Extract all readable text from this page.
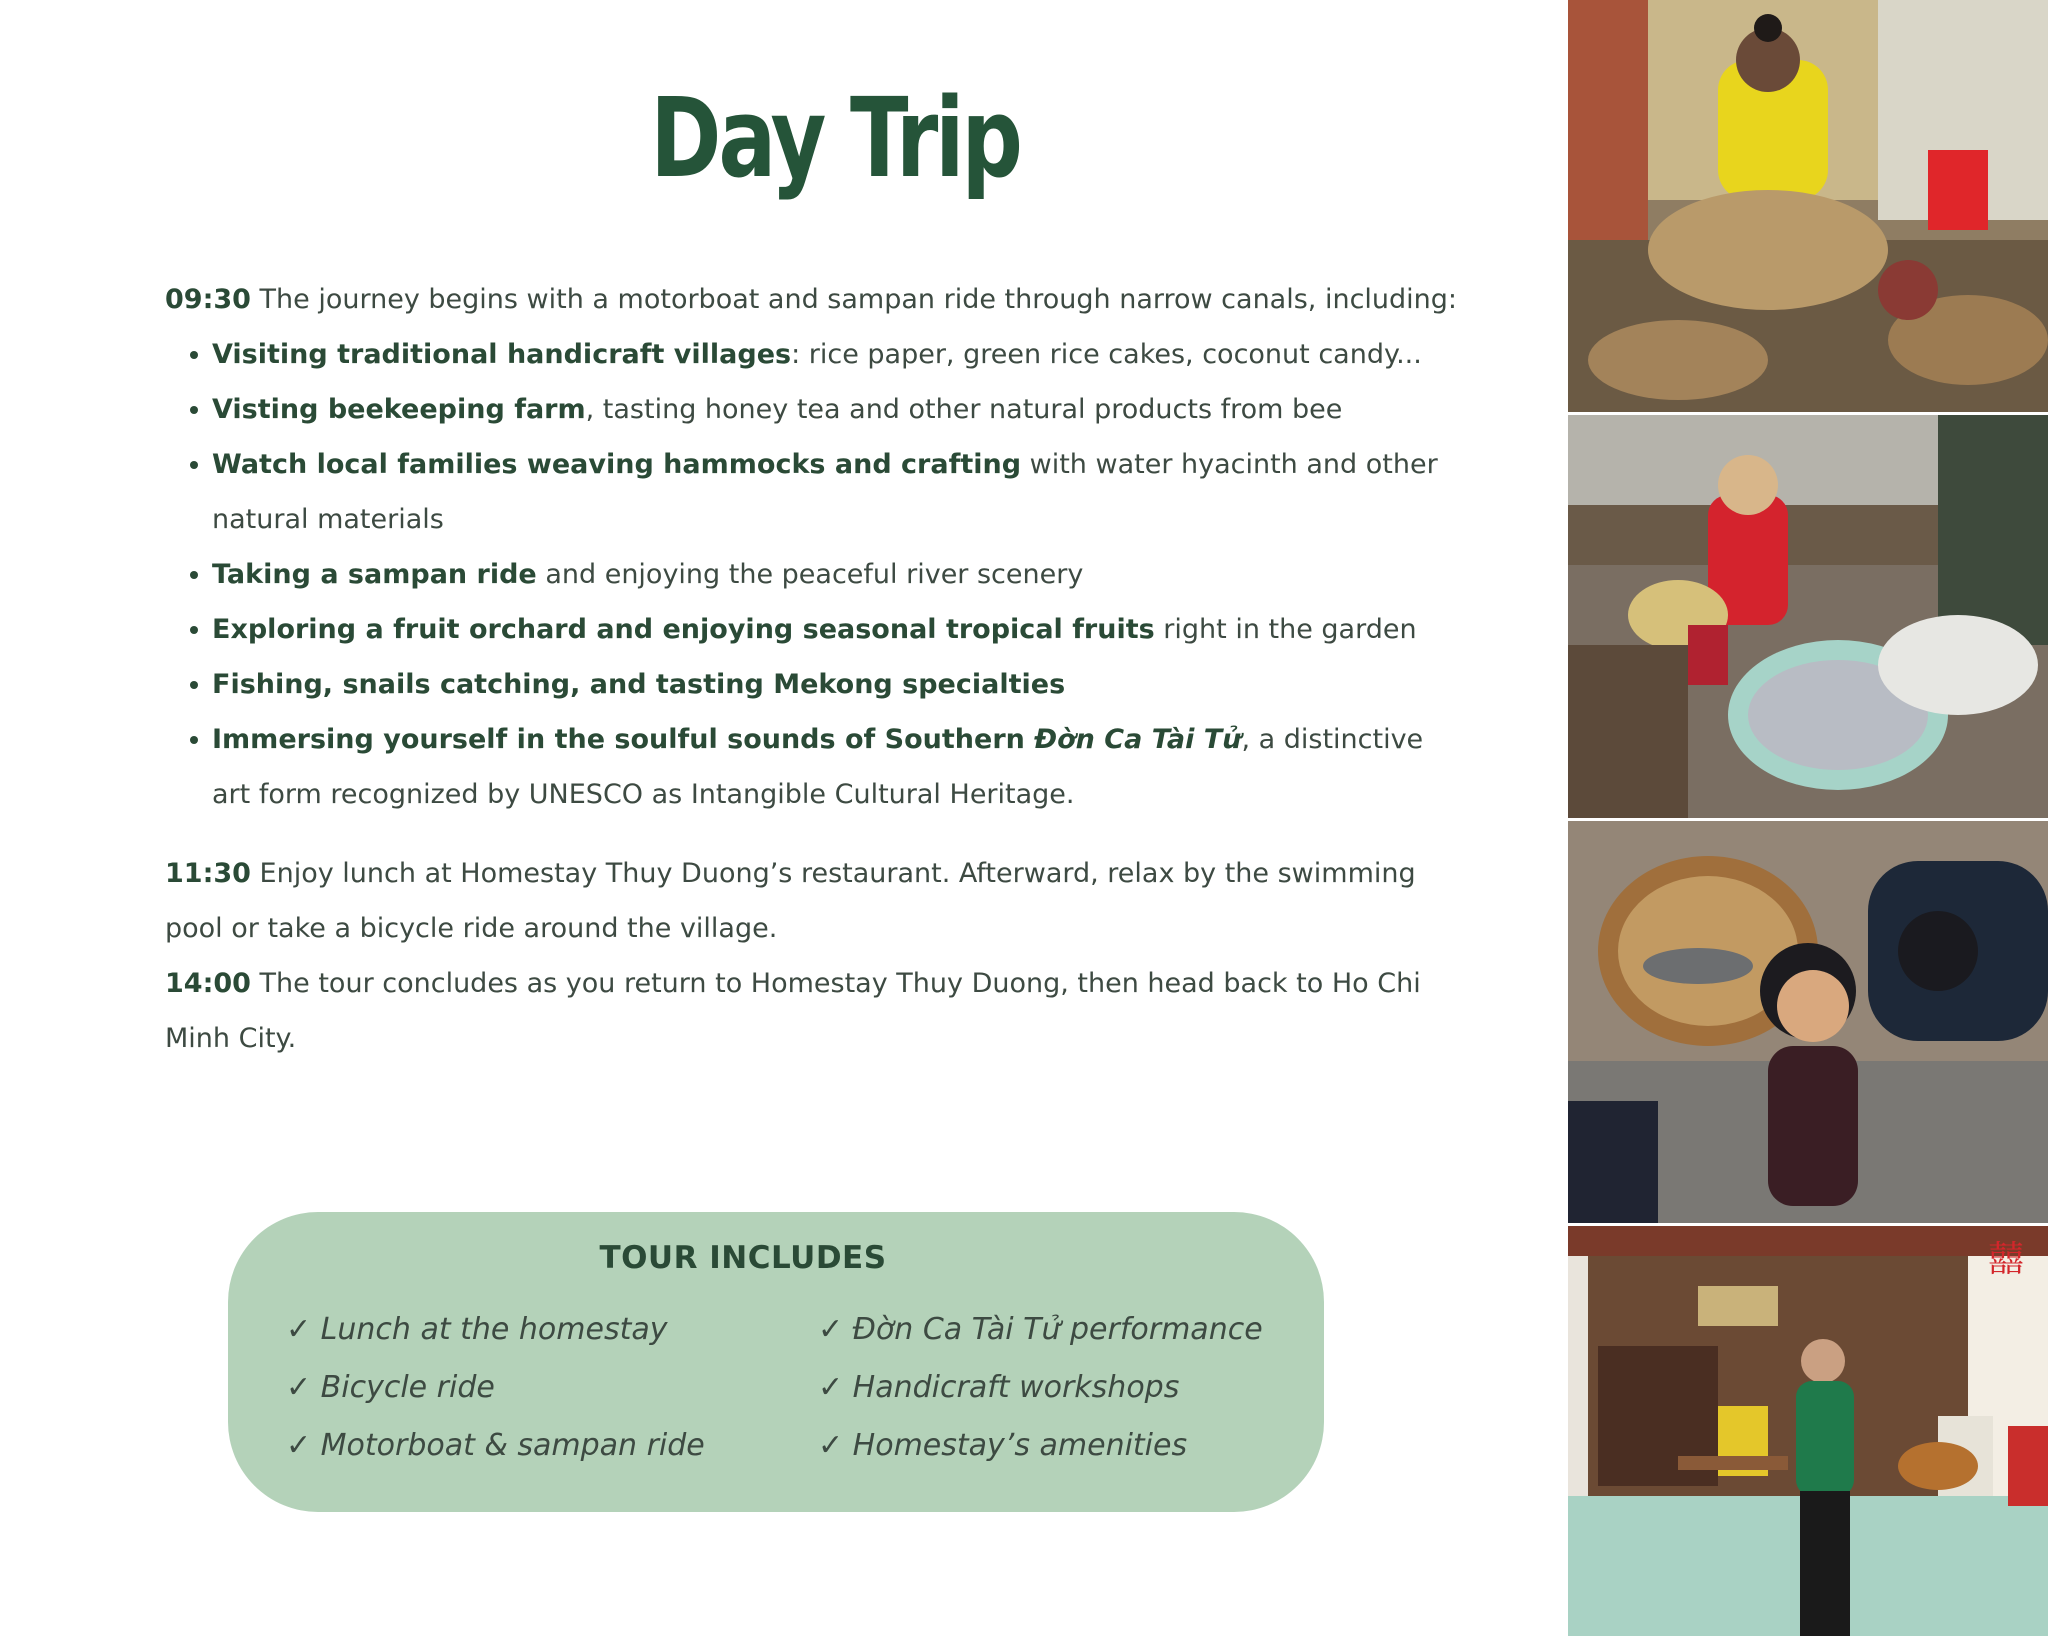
Day Trip

09:30 The journey begins with a motorboat and sampan ride through narrow canals, including:

Visiting traditional handicraft villages: rice paper, green rice cakes, coconut candy...
Visting beekeeping farm, tasting honey tea and other natural products from bee
Watch local families weaving hammocks and crafting with water hyacinth and other natural materials
Taking a sampan ride and enjoying the peaceful river scenery
Exploring a fruit orchard and enjoying seasonal tropical fruits right in the garden
Fishing, snails catching, and tasting Mekong specialties
Immersing yourself in the soulful sounds of Southern Đờn Ca Tài Tử, a distinctive art form recognized by UNESCO as Intangible Cultural Heritage.

11:30 Enjoy lunch at Homestay Thuy Duong’s restaurant. Afterward, relax by the swimming pool or take a bicycle ride around the village.

14:00 The tour concludes as you return to Homestay Thuy Duong, then head back to Ho Chi Minh City.

TOUR INCLUDES
✓ Lunch at the homestay
✓ Bicycle ride
✓ Motorboat & sampan ride
✓ Đờn Ca Tài Tử performance
✓ Handicraft workshops
✓ Homestay’s amenities
囍
